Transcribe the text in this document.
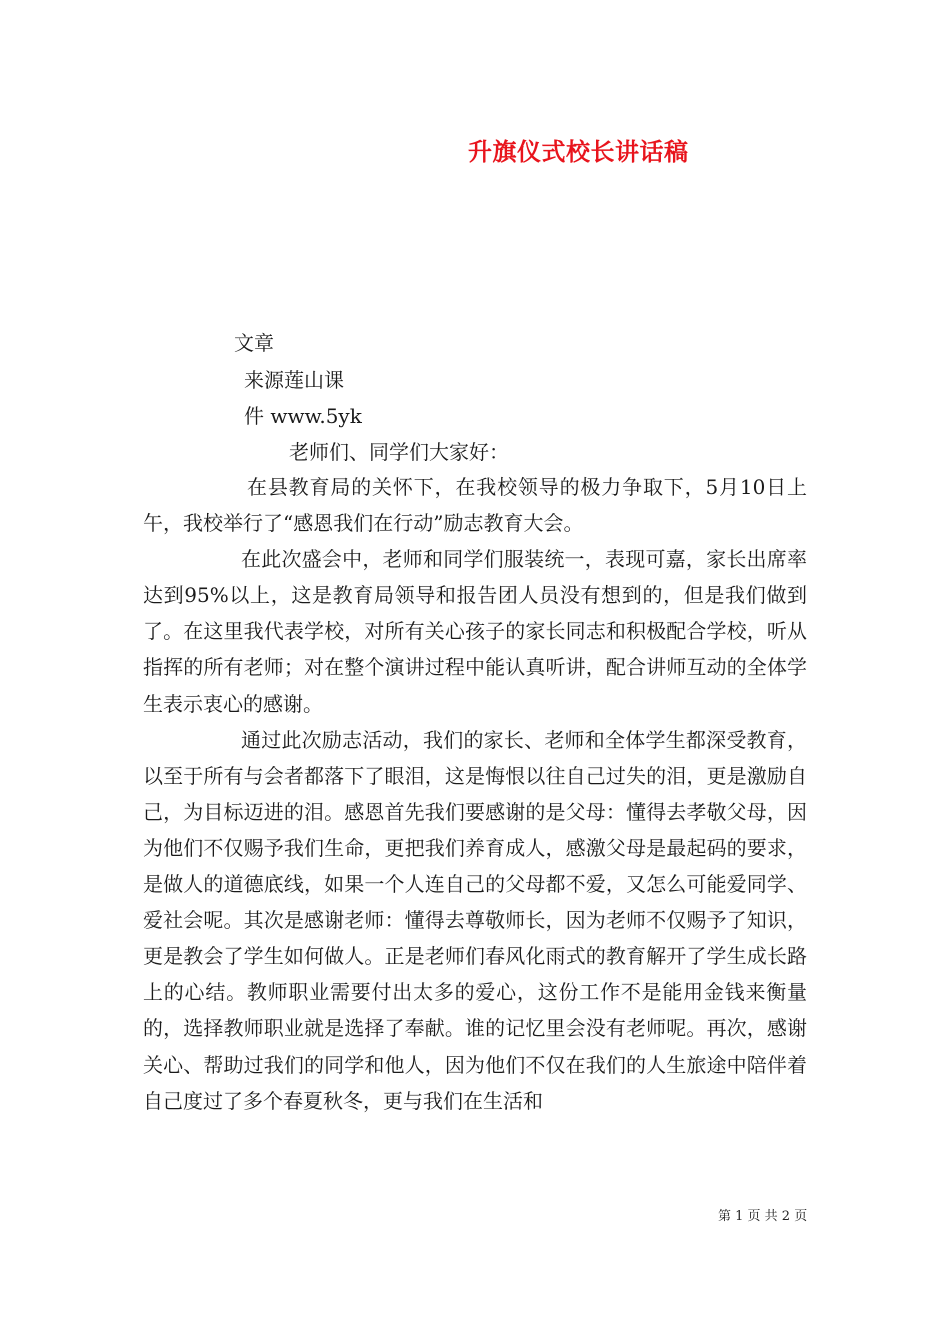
升旗仪式校长讲话稿
文章
来源莲山课
件 www.5yk
老师们、同学们大家好：

在县教育局的关怀下，在我校领导的极力争取下，5月10日上午，我校举行了“感恩我们在行动”励志教育大会。

在此次盛会中，老师和同学们服装统一，表现可嘉，家长出席率达到95%以上，这是教育局领导和报告团人员没有想到的，但是我们做到了。在这里我代表学校，对所有关心孩子的家长同志和积极配合学校，听从指挥的所有老师；对在整个演讲过程中能认真听讲，配合讲师互动的全体学生表示衷心的感谢。

通过此次励志活动，我们的家长、老师和全体学生都深受教育，以至于所有与会者都落下了眼泪，这是悔恨以往自己过失的泪，更是激励自己，为目标迈进的泪。感恩首先我们要感谢的是父母：懂得去孝敬父母，因为他们不仅赐予我们生命，更把我们养育成人，感激父母是最起码的要求，是做人的道德底线，如果一个人连自己的父母都不爱，又怎么可能爱同学、爱社会呢。其次是感谢老师：懂得去尊敬师长，因为老师不仅赐予了知识，更是教会了学生如何做人。正是老师们春风化雨式的教育解开了学生成长路上的心结。教师职业需要付出太多的爱心，这份工作不是能用金钱来衡量的，选择教师职业就是选择了奉献。谁的记忆里会没有老师呢。再次，感谢关心、帮助过我们的同学和他人，因为他们不仅在我们的人生旅途中陪伴着自己度过了多个春夏秋冬，更与我们在生活和

第 1 页 共 2 页
